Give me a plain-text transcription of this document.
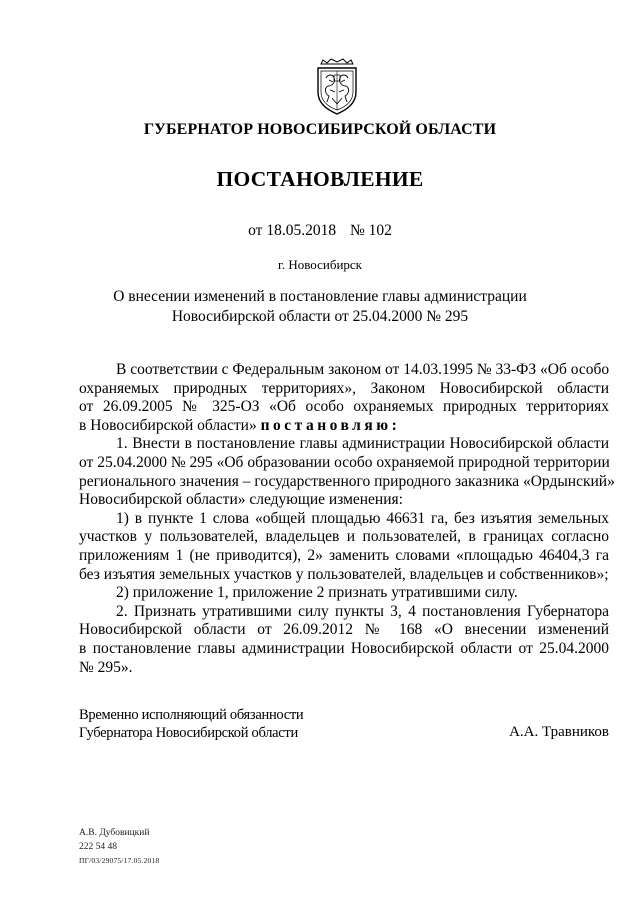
ГУБЕРНАТОР НОВОСИБИРСКОЙ ОБЛАСТИ
ПОСТАНОВЛЕНИЕ
от 18.05.2018 № 102
г. Новосибирск
О внесении изменений в постановление главы администрации
Новосибирской области от 25.04.2000 № 295
В соответствии с Федеральным законом от 14.03.1995 № 33-ФЗ «Об особо
охраняемых природных территориях», Законом Новосибирской области
от 26.09.2005 № 325-ОЗ «Об особо охраняемых природных территориях
в Новосибирской области» постановляю:
1. Внести в постановление главы администрации Новосибирской области
от 25.04.2000 № 295 «Об образовании особо охраняемой природной территории
регионального значения – государственного природного заказника «Ордынский»
Новосибирской области» следующие изменения:
1) в пункте 1 слова «общей площадью 46631 га, без изъятия земельных
участков у пользователей, владельцев и пользователей, в границах согласно
приложениям 1 (не приводится), 2» заменить словами «площадью 46404,3 га
без изъятия земельных участков у пользователей, владельцев и собственников»;
2) приложение 1, приложение 2 признать утратившими силу.
2. Признать утратившими силу пункты 3, 4 постановления Губернатора
Новосибирской области от 26.09.2012 № 168 «О внесении изменений
в постановление главы администрации Новосибирской области от 25.04.2000
№ 295».
Временно исполняющий обязанности
Губернатора Новосибирской области	А.А. Травников
А.В. Дубовицкий
222 54 48
ПГ/03/29075/17.05.2018
